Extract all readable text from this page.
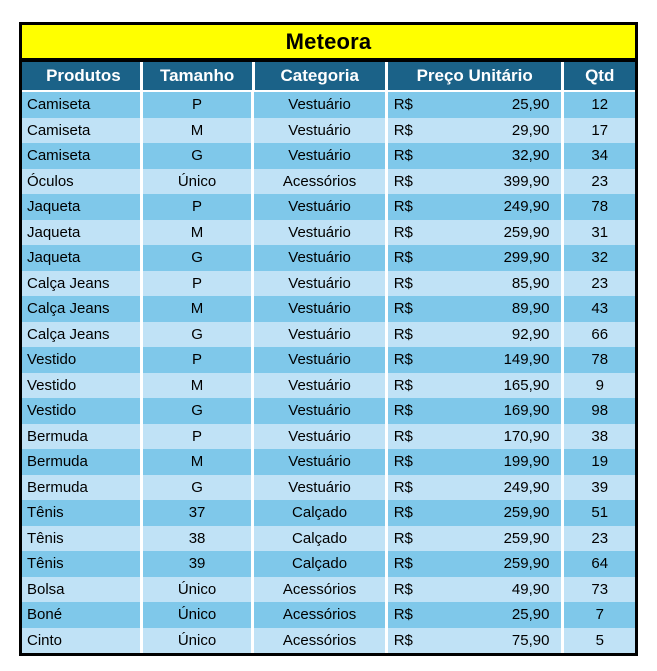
Meteora
Produtos	Tamanho	Categoria	Preço Unitário	Qtd
Camiseta	P	Vestuário	R$	25,90	12
Camiseta	M	Vestuário	R$	29,90	17
Camiseta	G	Vestuário	R$	32,90	34
Óculos	Único	Acessórios	R$	399,90	23
Jaqueta	P	Vestuário	R$	249,90	78
Jaqueta	M	Vestuário	R$	259,90	31
Jaqueta	G	Vestuário	R$	299,90	32
Calça Jeans	P	Vestuário	R$	85,90	23
Calça Jeans	M	Vestuário	R$	89,90	43
Calça Jeans	G	Vestuário	R$	92,90	66
Vestido	P	Vestuário	R$	149,90	78
Vestido	M	Vestuário	R$	165,90	9
Vestido	G	Vestuário	R$	169,90	98
Bermuda	P	Vestuário	R$	170,90	38
Bermuda	M	Vestuário	R$	199,90	19
Bermuda	G	Vestuário	R$	249,90	39
Tênis	37	Calçado	R$	259,90	51
Tênis	38	Calçado	R$	259,90	23
Tênis	39	Calçado	R$	259,90	64
Bolsa	Único	Acessórios	R$	49,90	73
Boné	Único	Acessórios	R$	25,90	7
Cinto	Único	Acessórios	R$	75,90	5
